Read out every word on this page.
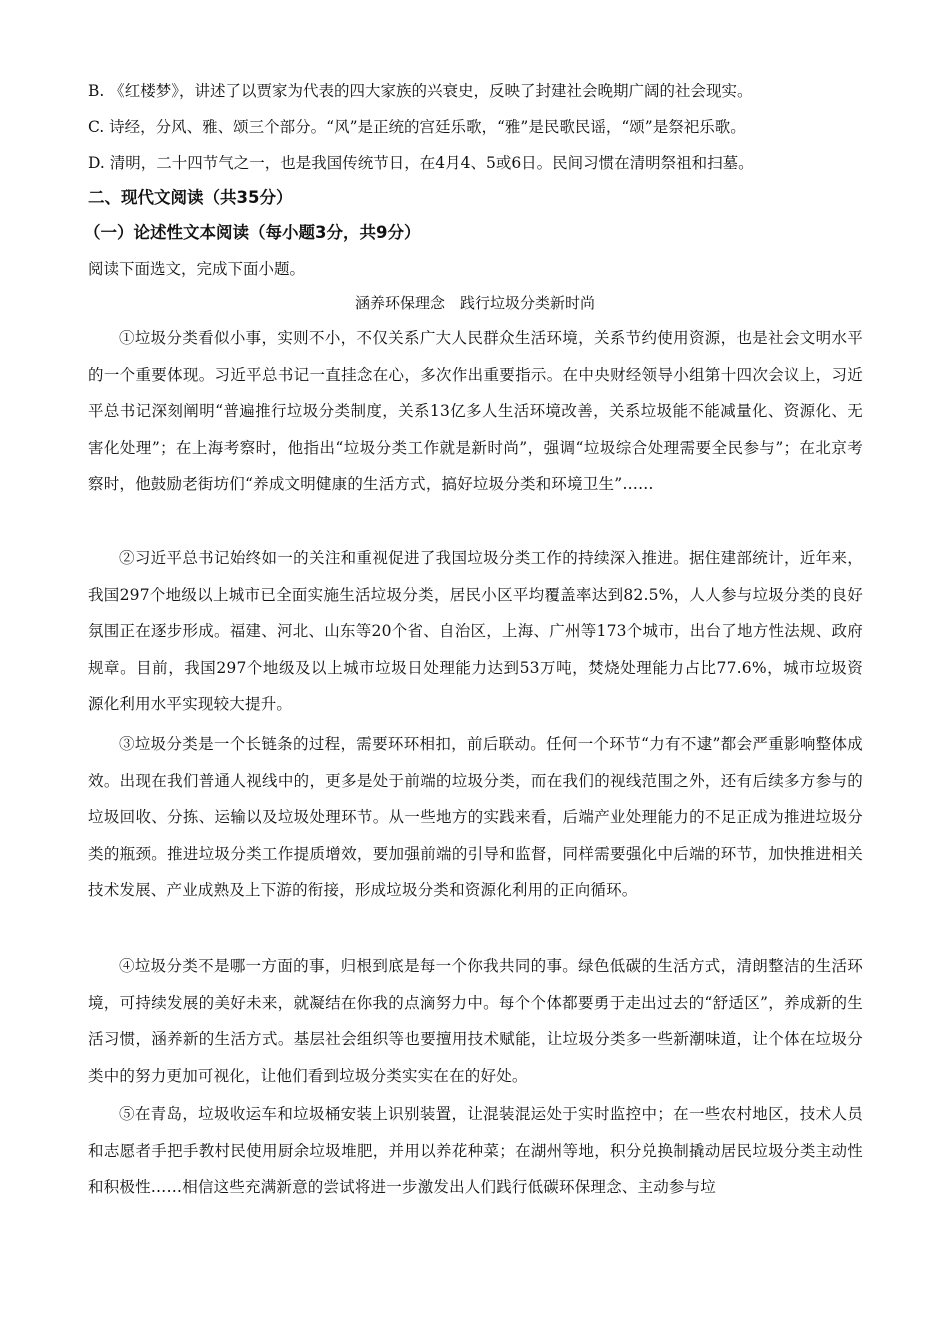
B. 《红楼梦》，讲述了以贾家为代表的四大家族的兴衰史，反映了封建社会晚期广阔的社会现实。
C. 诗经，分风、雅、颂三个部分。“风”是正统的宫廷乐歌，“雅”是民歌民谣，“颂”是祭祀乐歌。
D. 清明，二十四节气之一，也是我国传统节日，在4月4、5或6日。民间习惯在清明祭祖和扫墓。
二、现代文阅读（共35分）
（一）论述性文本阅读（每小题3分，共9分）
阅读下面选文，完成下面小题。
涵养环保理念　践行垃圾分类新时尚
①垃圾分类看似小事，实则不小，不仅关系广大人民群众生活环境，关系节约使用资源，也是社会文明水平的一个重要体现。习近平总书记一直挂念在心，多次作出重要指示。在中央财经领导小组第十四次会议上，习近平总书记深刻阐明“普遍推行垃圾分类制度，关系13亿多人生活环境改善，关系垃圾能不能减量化、资源化、无害化处理”；在上海考察时，他指出“垃圾分类工作就是新时尚”，强调“垃圾综合处理需要全民参与”；在北京考察时，他鼓励老街坊们“养成文明健康的生活方式，搞好垃圾分类和环境卫生”……
②习近平总书记始终如一的关注和重视促进了我国垃圾分类工作的持续深入推进。据住建部统计，近年来，我国297个地级以上城市已全面实施生活垃圾分类，居民小区平均覆盖率达到82.5%，人人参与垃圾分类的良好氛围正在逐步形成。福建、河北、山东等20个省、自治区，上海、广州等173个城市，出台了地方性法规、政府规章。目前，我国297个地级及以上城市垃圾日处理能力达到53万吨，焚烧处理能力占比77.6%，城市垃圾资源化利用水平实现较大提升。
③垃圾分类是一个长链条的过程，需要环环相扣，前后联动。任何一个环节“力有不逮”都会严重影响整体成效。出现在我们普通人视线中的，更多是处于前端的垃圾分类，而在我们的视线范围之外，还有后续多方参与的垃圾回收、分拣、运输以及垃圾处理环节。从一些地方的实践来看，后端产业处理能力的不足正成为推进垃圾分类的瓶颈。推进垃圾分类工作提质增效，要加强前端的引导和监督，同样需要强化中后端的环节，加快推进相关技术发展、产业成熟及上下游的衔接，形成垃圾分类和资源化利用的正向循环。
④垃圾分类不是哪一方面的事，归根到底是每一个你我共同的事。绿色低碳的生活方式，清朗整洁的生活环境，可持续发展的美好未来，就凝结在你我的点滴努力中。每个个体都要勇于走出过去的“舒适区”，养成新的生活习惯，涵养新的生活方式。基层社会组织等也要擅用技术赋能，让垃圾分类多一些新潮味道，让个体在垃圾分类中的努力更加可视化，让他们看到垃圾分类实实在在的好处。
⑤在青岛，垃圾收运车和垃圾桶安装上识别装置，让混装混运处于实时监控中；在一些农村地区，技术人员和志愿者手把手教村民使用厨余垃圾堆肥，并用以养花种菜；在湖州等地，积分兑换制撬动居民垃圾分类主动性和积极性……相信这些充满新意的尝试将进一步激发出人们践行低碳环保理念、主动参与垃
